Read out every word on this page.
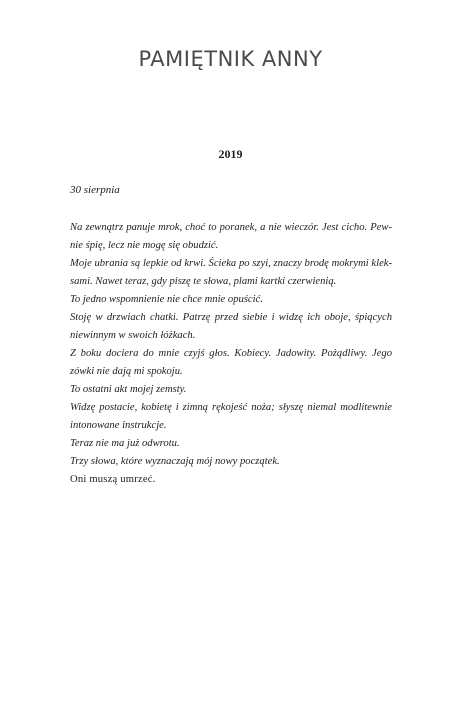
PAMIĘTNIK ANNY
2019
30 sierpnia
Na zewnątrz panuje mrok, choć to poranek, a nie wieczór. Jest cicho. Pew-
nie śpię, lecz nie mogę się obudzić.
Moje ubrania są lepkie od krwi. Ścieka po szyi, znaczy brodę mokrymi klek-
sami. Nawet teraz, gdy piszę te słowa, plami kartki czerwienią.
To jedno wspomnienie nie chce mnie opuścić.
Stoję w drzwiach chatki. Patrzę przed siebie i widzę ich oboje, śpiących
niewinnym w swoich łóżkach.
Z boku dociera do mnie czyjś głos. Kobiecy. Jadowity. Pożądliwy. Jego
zówki nie dają mi spokoju.
To ostatni akt mojej zemsty.
Widzę postacie, kobietę i zimną rękojeść noża; słyszę niemal modlitewnie
intonowane instrukcje.
Teraz nie ma już odwrotu.
Trzy słowa, które wyznaczają mój nowy początek.
Oni muszą umrzeć.
